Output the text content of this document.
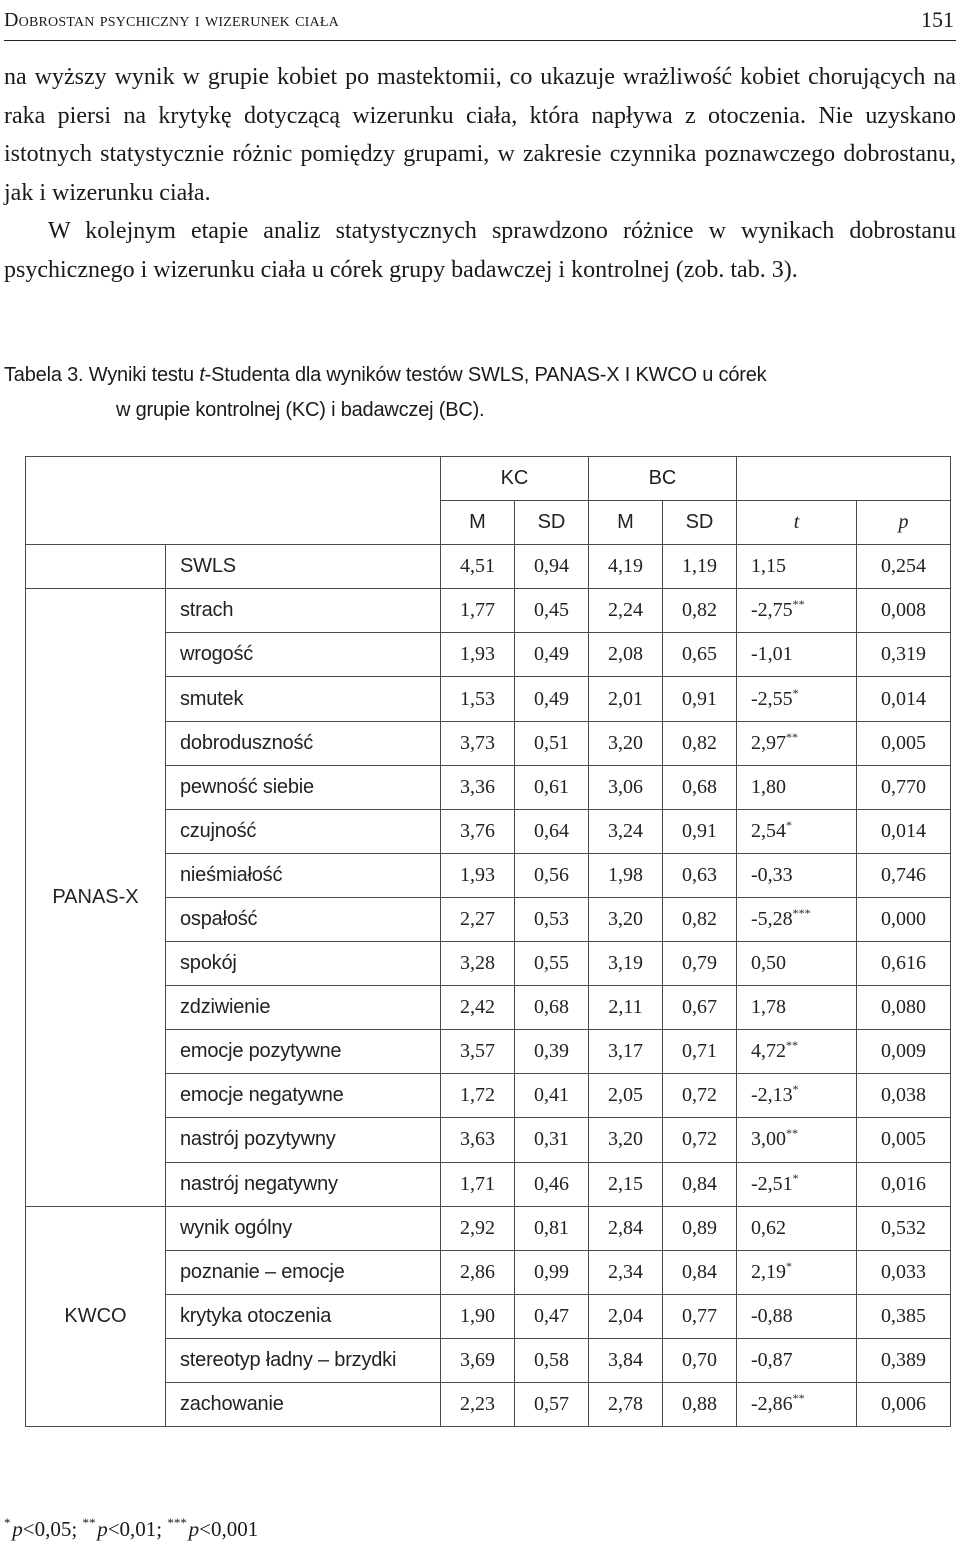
Dobrostan psychiczny i wizerunek ciała	151

na wyższy wynik w grupie kobiet po mastektomii, co ukazuje wrażliwość kobiet chorujących na raka piersi na krytykę dotyczącą wizerunku ciała, która napływa z otoczenia. Nie uzyskano istotnych statystycznie różnic pomiędzy grupami, w zakresie czynnika poznawczego dobrostanu, jak i wizerunku ciała.

W kolejnym etapie analiz statystycznych sprawdzono różnice w wynikach dobrostanu psychicznego i wizerunku ciała u córek grupy badawczej i kontrolnej (zob. tab. 3).

Tabela 3. Wyniki testu t-Studenta dla wyników testów SWLS, PANAS-X I KWCO u córek
w grupie kontrolnej (KC) i badawczej (BC).
		KC		BC			
		M	SD	M	SD	t	p
	SWLS	4,51	0,94	4,19	1,19	1,15	0,254
PANAS-X	strach	1,77	0,45	2,24	0,82	-2,75**	0,008
	wrogość	1,93	0,49	2,08	0,65	-1,01	0,319
	smutek	1,53	0,49	2,01	0,91	-2,55*	0,014
	dobroduszność	3,73	0,51	3,20	0,82	2,97**	0,005
	pewność siebie	3,36	0,61	3,06	0,68	1,80	0,770
	czujność	3,76	0,64	3,24	0,91	2,54*	0,014
	nieśmiałość	1,93	0,56	1,98	0,63	-0,33	0,746
	ospałość	2,27	0,53	3,20	0,82	-5,28***	0,000
	spokój	3,28	0,55	3,19	0,79	0,50	0,616
	zdziwienie	2,42	0,68	2,11	0,67	1,78	0,080
	emocje pozytywne	3,57	0,39	3,17	0,71	4,72**	0,009
	emocje negatywne	1,72	0,41	2,05	0,72	-2,13*	0,038
	nastrój pozytywny	3,63	0,31	3,20	0,72	3,00**	0,005
	nastrój negatywny	1,71	0,46	2,15	0,84	-2,51*	0,016
KWCO	wynik ogólny	2,92	0,81	2,84	0,89	0,62	0,532
	poznanie – emocje	2,86	0,99	2,34	0,84	2,19*	0,033
	krytyka otoczenia	1,90	0,47	2,04	0,77	-0,88	0,385
	stereotyp ładny – brzydki	3,69	0,58	3,84	0,70	-0,87	0,389
	zachowanie	2,23	0,57	2,78	0,88	-2,86**	0,006
* p<0,05; ** p<0,01; *** p<0,001
